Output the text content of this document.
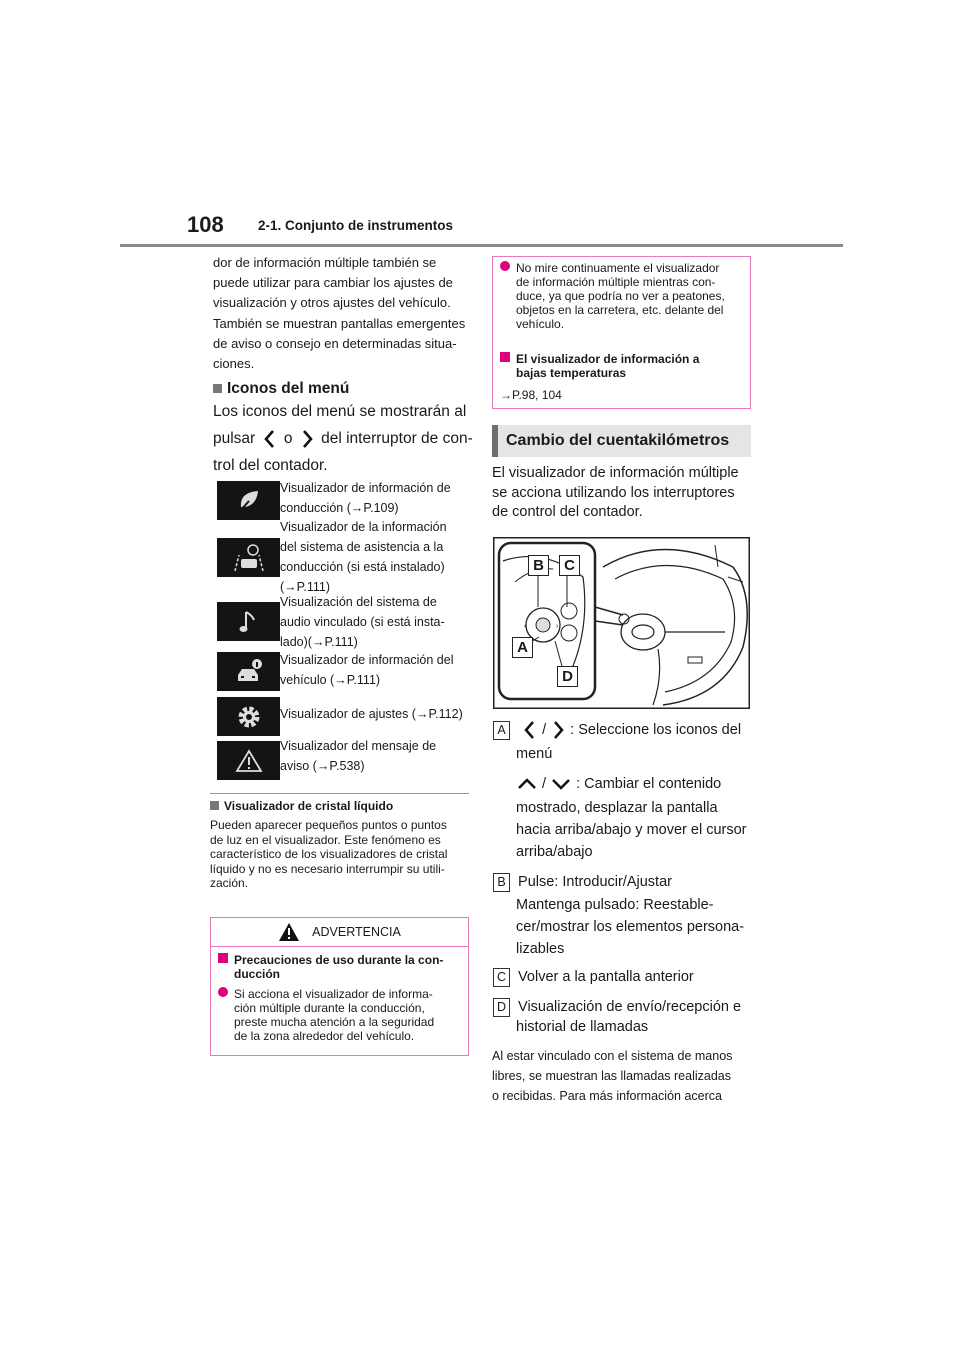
108	2-1. Conjunto de instrumentos
dor de información múltiple también se
puede utilizar para cambiar los ajustes de
visualización y otros ajustes del vehículo.
También se muestran pantallas emergentes
de aviso o consejo en determinadas situa-
ciones.
Iconos del menú
Los iconos del menú se mostrarán al
pulsar o del interruptor de con-
trol del contador.
Visualizador de información de
conducción (→P.109)
Visualizador de la información
del sistema de asistencia a la
conducción (si está instalado)
(→P.111)
Visualización del sistema de
audio vinculado (si está insta-
lado)(→P.111)
Visualizador de información del
vehículo (→P.111)
Visualizador de ajustes (→P.112)
Visualizador del mensaje de
aviso (→P.538)
Visualizador de cristal líquido
Pueden aparecer pequeños puntos o puntos
de luz en el visualizador. Este fenómeno es
característico de los visualizadores de cristal
líquido y no es necesario interrumpir su utili-
zación.
ADVERTENCIA
Precauciones de uso durante la con-
ducción
Si acciona el visualizador de informa-
ción múltiple durante la conducción,
preste mucha atención a la seguridad
de la zona alrededor del vehículo.
No mire continuamente el visualizador
de información múltiple mientras con-
duce, ya que podría no ver a peatones,
objetos en la carretera, etc. delante del
vehículo.
El visualizador de información a
bajas temperaturas
→P.98, 104
Cambio del cuentakilómetros
El visualizador de información múltiple
se acciona utilizando los interruptores
de control del contador.
‹	›
B	C
A
D
A	/ : Seleccione los iconos del
menú
/ : Cambiar el contenido
mostrado, desplazar la pantalla
hacia arriba/abajo y mover el cursor
arriba/abajo
B Pulse: Introducir/Ajustar
Mantenga pulsado: Reestable-
cer/mostrar los elementos persona-
lizables
C Volver a la pantalla anterior
D Visualización de envío/recepción e
historial de llamadas
Al estar vinculado con el sistema de manos
libres, se muestran las llamadas realizadas
o recibidas. Para más información acerca
